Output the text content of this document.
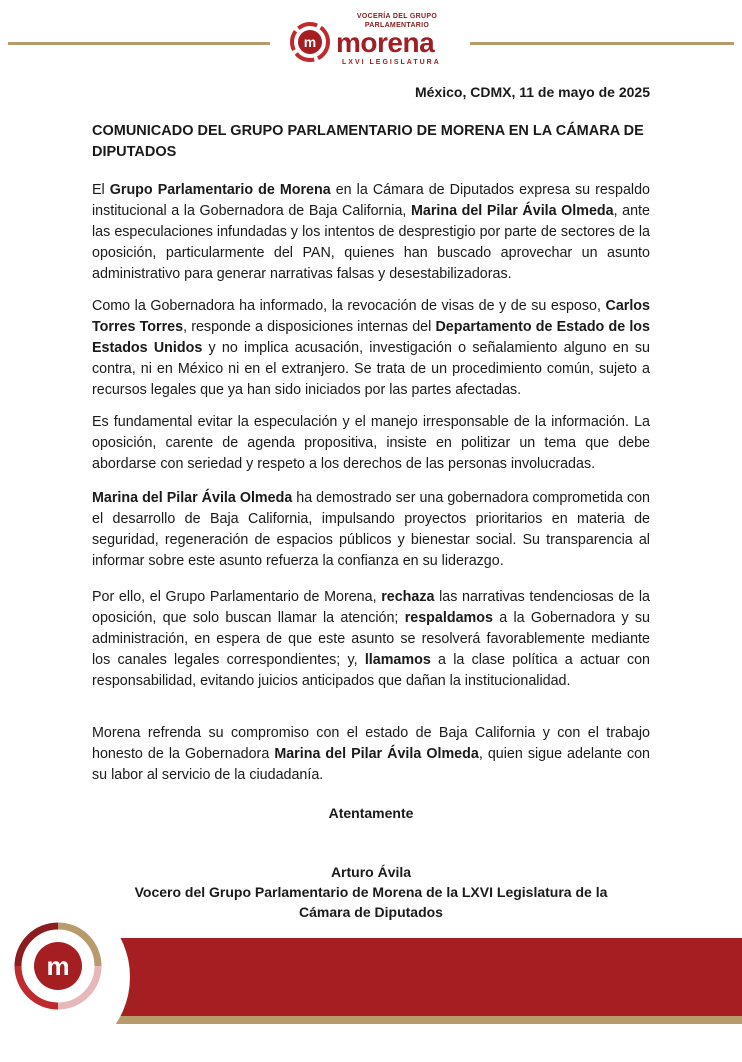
m
VOCERÍA DEL GRUPO PARLAMENTARIO
morena
LXVI LEGISLATURA
México, CDMX, 11 de mayo de 2025
COMUNICADO DEL GRUPO PARLAMENTARIO DE MORENA EN LA CÁMARA DE DIPUTADOS
El Grupo Parlamentario de Morena en la Cámara de Diputados expresa su respaldo institucional a la Gobernadora de Baja California, Marina del Pilar Ávila Olmeda, ante las especulaciones infundadas y los intentos de desprestigio por parte de sectores de la oposición, particularmente del PAN, quienes han buscado aprovechar un asunto administrativo para generar narrativas falsas y desestabilizadoras.
Como la Gobernadora ha informado, la revocación de visas de y de su esposo, Carlos Torres Torres, responde a disposiciones internas del Departamento de Estado de los Estados Unidos y no implica acusación, investigación o señalamiento alguno en su contra, ni en México ni en el extranjero. Se trata de un procedimiento común, sujeto a recursos legales que ya han sido iniciados por las partes afectadas.
Es fundamental evitar la especulación y el manejo irresponsable de la información. La oposición, carente de agenda propositiva, insiste en politizar un tema que debe abordarse con seriedad y respeto a los derechos de las personas involucradas.
Marina del Pilar Ávila Olmeda ha demostrado ser una gobernadora comprometida con el desarrollo de Baja California, impulsando proyectos prioritarios en materia de seguridad, regeneración de espacios públicos y bienestar social. Su transparencia al informar sobre este asunto refuerza la confianza en su liderazgo.
Por ello, el Grupo Parlamentario de Morena, rechaza las narrativas tendenciosas de la oposición, que solo buscan llamar la atención; respaldamos a la Gobernadora y su administración, en espera de que este asunto se resolverá favorablemente mediante los canales legales correspondientes; y, llamamos a la clase política a actuar con responsabilidad, evitando juicios anticipados que dañan la institucionalidad.
Morena refrenda su compromiso con el estado de Baja California y con el trabajo honesto de la Gobernadora Marina del Pilar Ávila Olmeda, quien sigue adelante con su labor al servicio de la ciudadanía.
Atentamente
Arturo Ávila
Vocero del Grupo Parlamentario de Morena de la LXVI Legislatura de la
Cámara de Diputados
m
